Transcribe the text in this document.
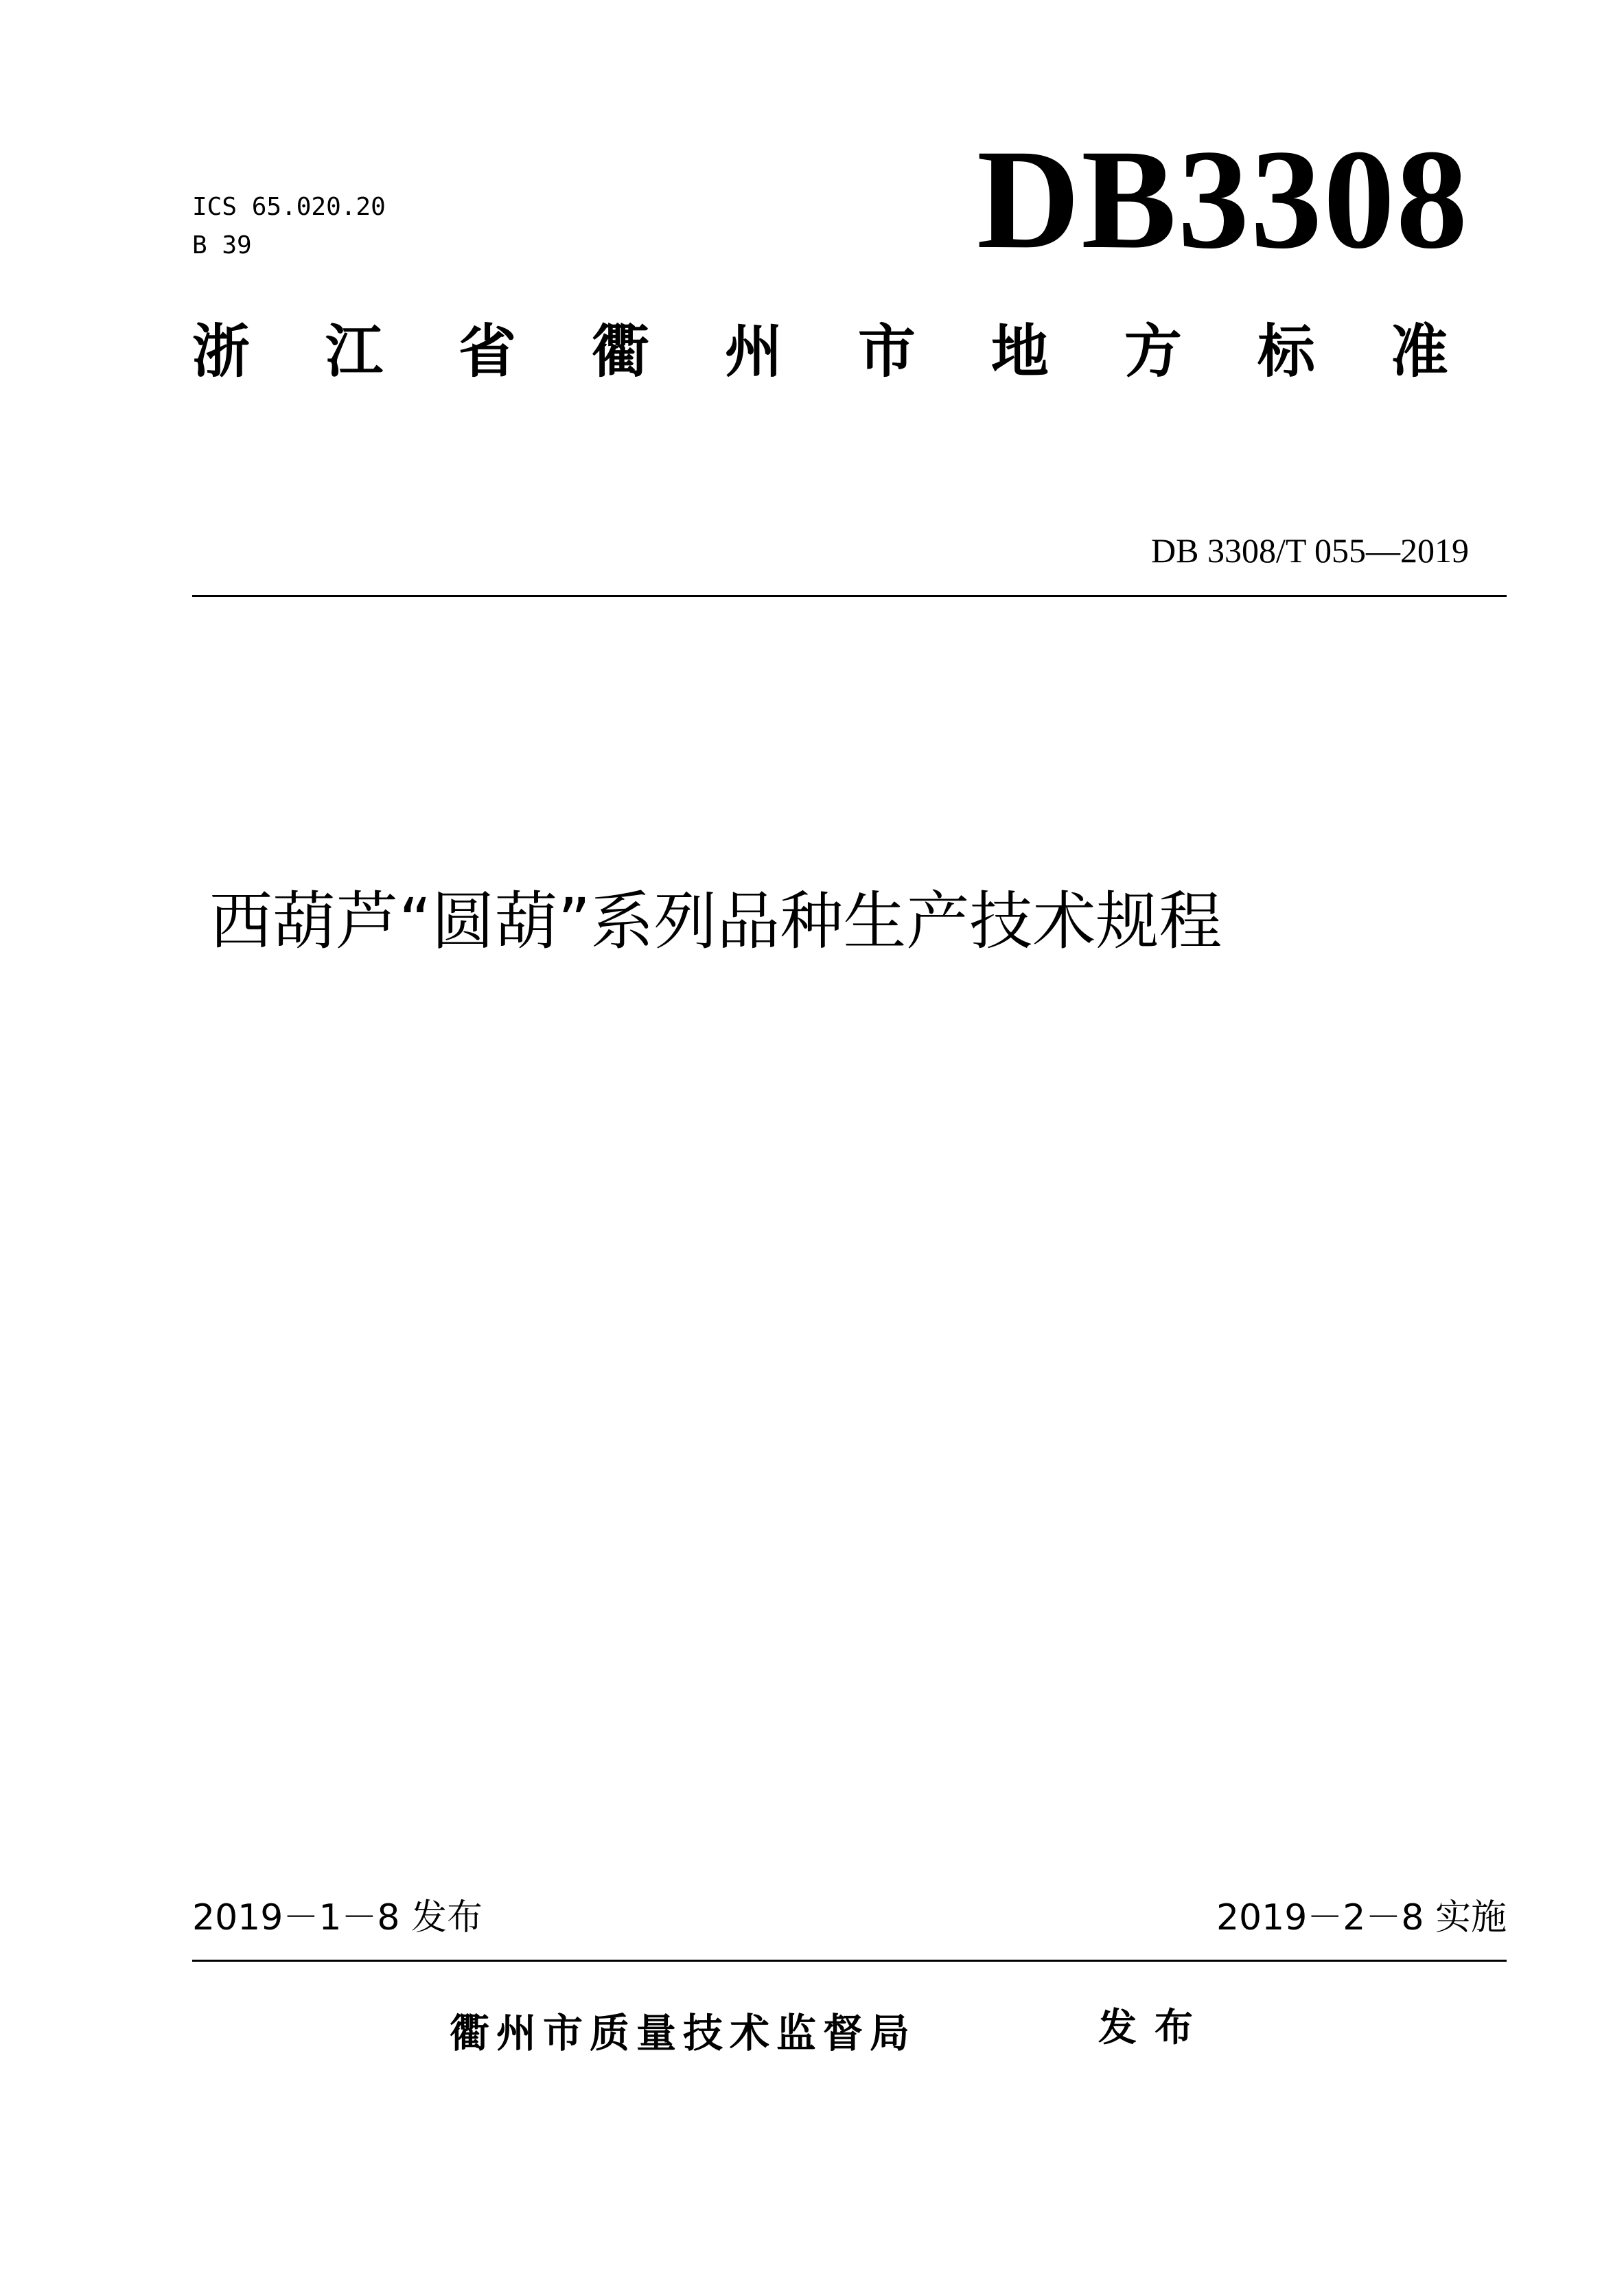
ICS 65.020.20
B 39	DB3308
浙 江 省 衢 州 市 地 方 标 准
DB 3308/T 055—2019
西葫芦“圆葫”系列品种生产技术规程
2019－1－8 发布	2019－2－8 实施
衢州市质量技术监督局	发布
